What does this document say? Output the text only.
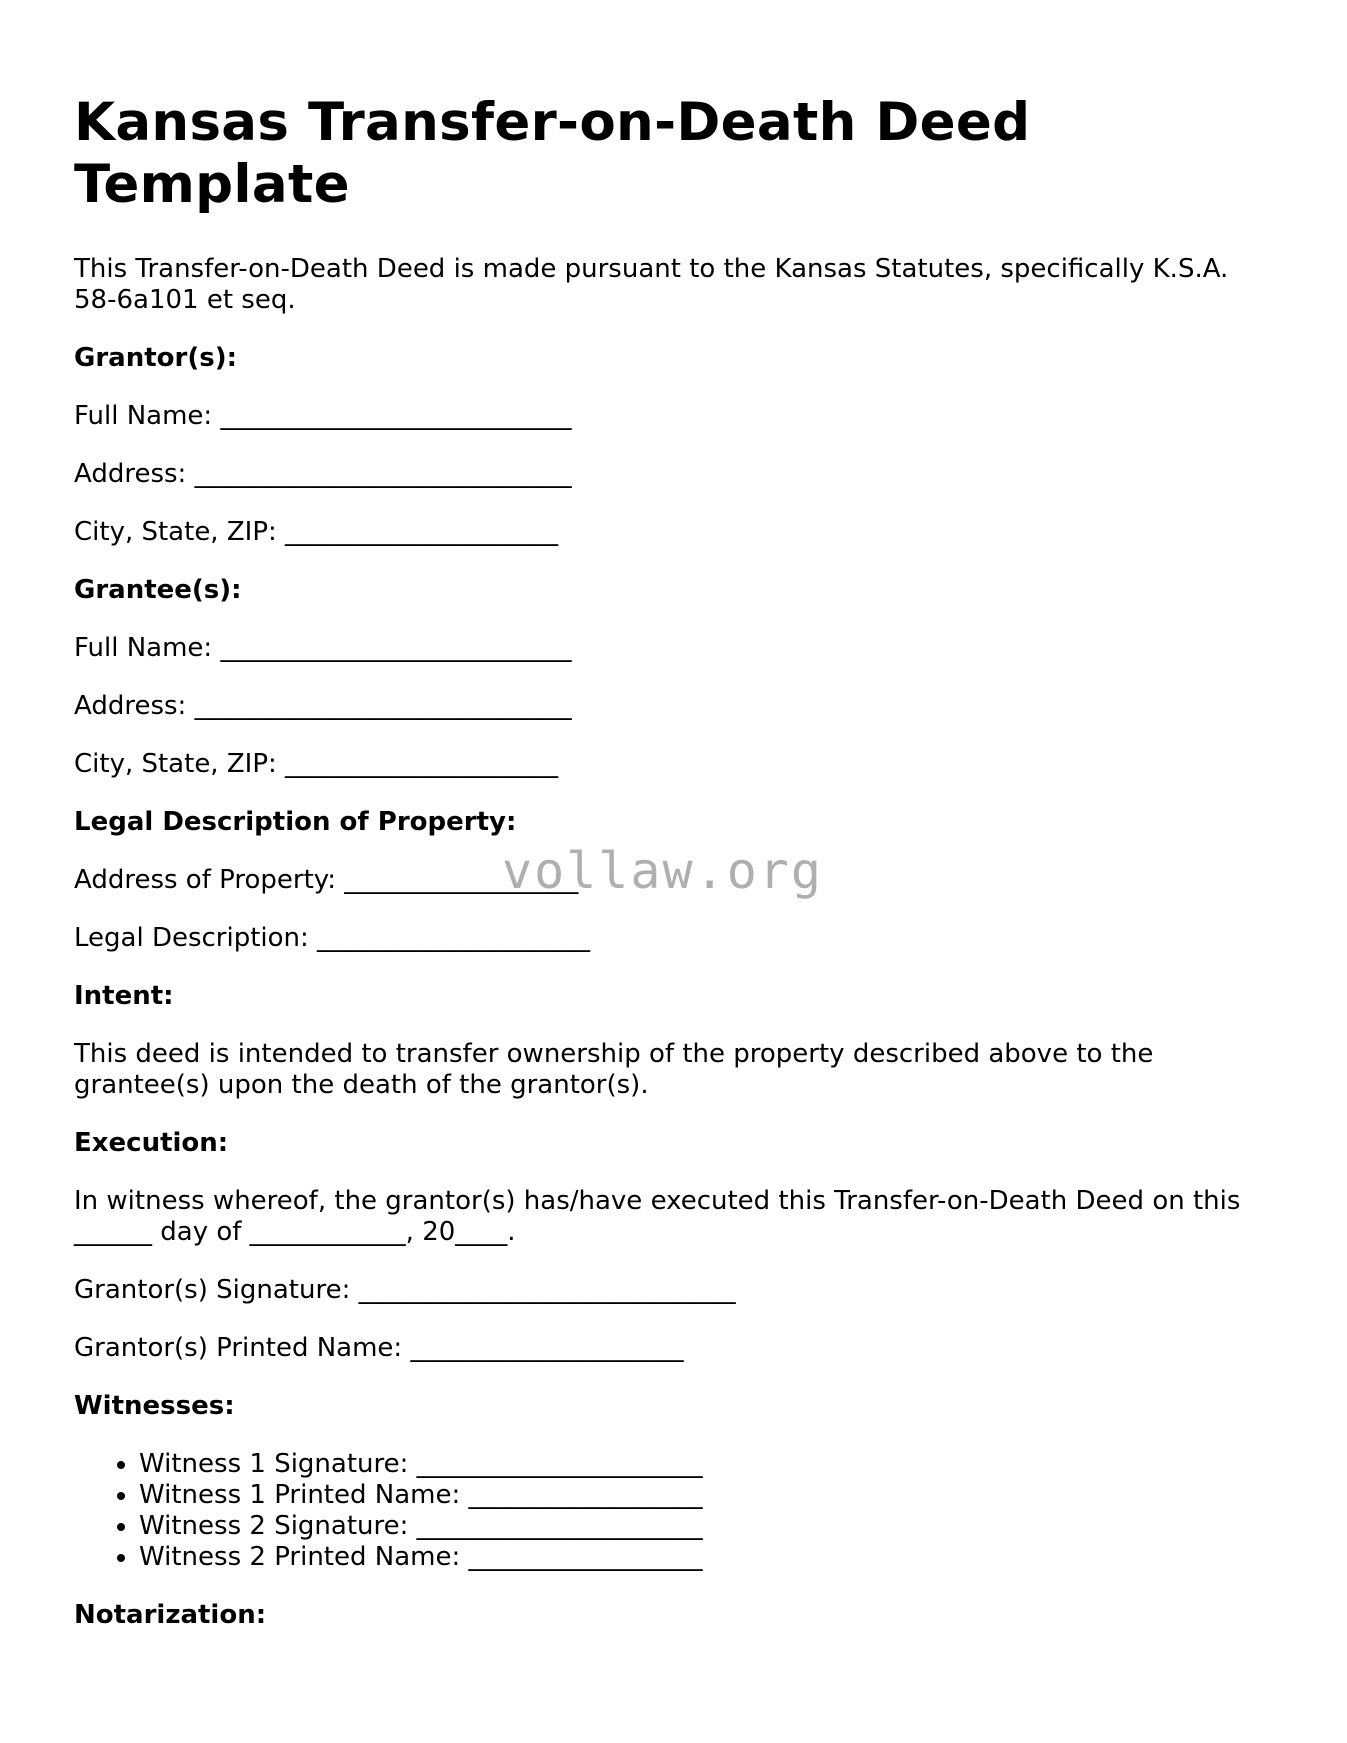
Kansas Transfer-on-Death Deed Template

This Transfer-on-Death Deed is made pursuant to the Kansas Statutes, specifically K.S.A. 58-6a101 et seq.

Grantor(s):
Full Name: ___________________________
Address: _____________________________
City, State, ZIP: _____________________
Grantee(s):
Full Name: ___________________________
Address: _____________________________
City, State, ZIP: _____________________
Legal Description of Property:
Address of Property: __________________
Legal Description: _____________________
Intent:

This deed is intended to transfer ownership of the property described above to the grantee(s) upon the death of the grantor(s).

Execution:

In witness whereof, the grantor(s) has/have executed this Transfer-on-Death Deed on this ______ day of ____________, 20____.

Grantor(s) Signature: _____________________________
Grantor(s) Printed Name: _____________________
Witnesses:
• Witness 1 Signature: ______________________
• Witness 1 Printed Name: __________________
• Witness 2 Signature: ______________________
• Witness 2 Printed Name: __________________
Notarization:
vollaw.org
